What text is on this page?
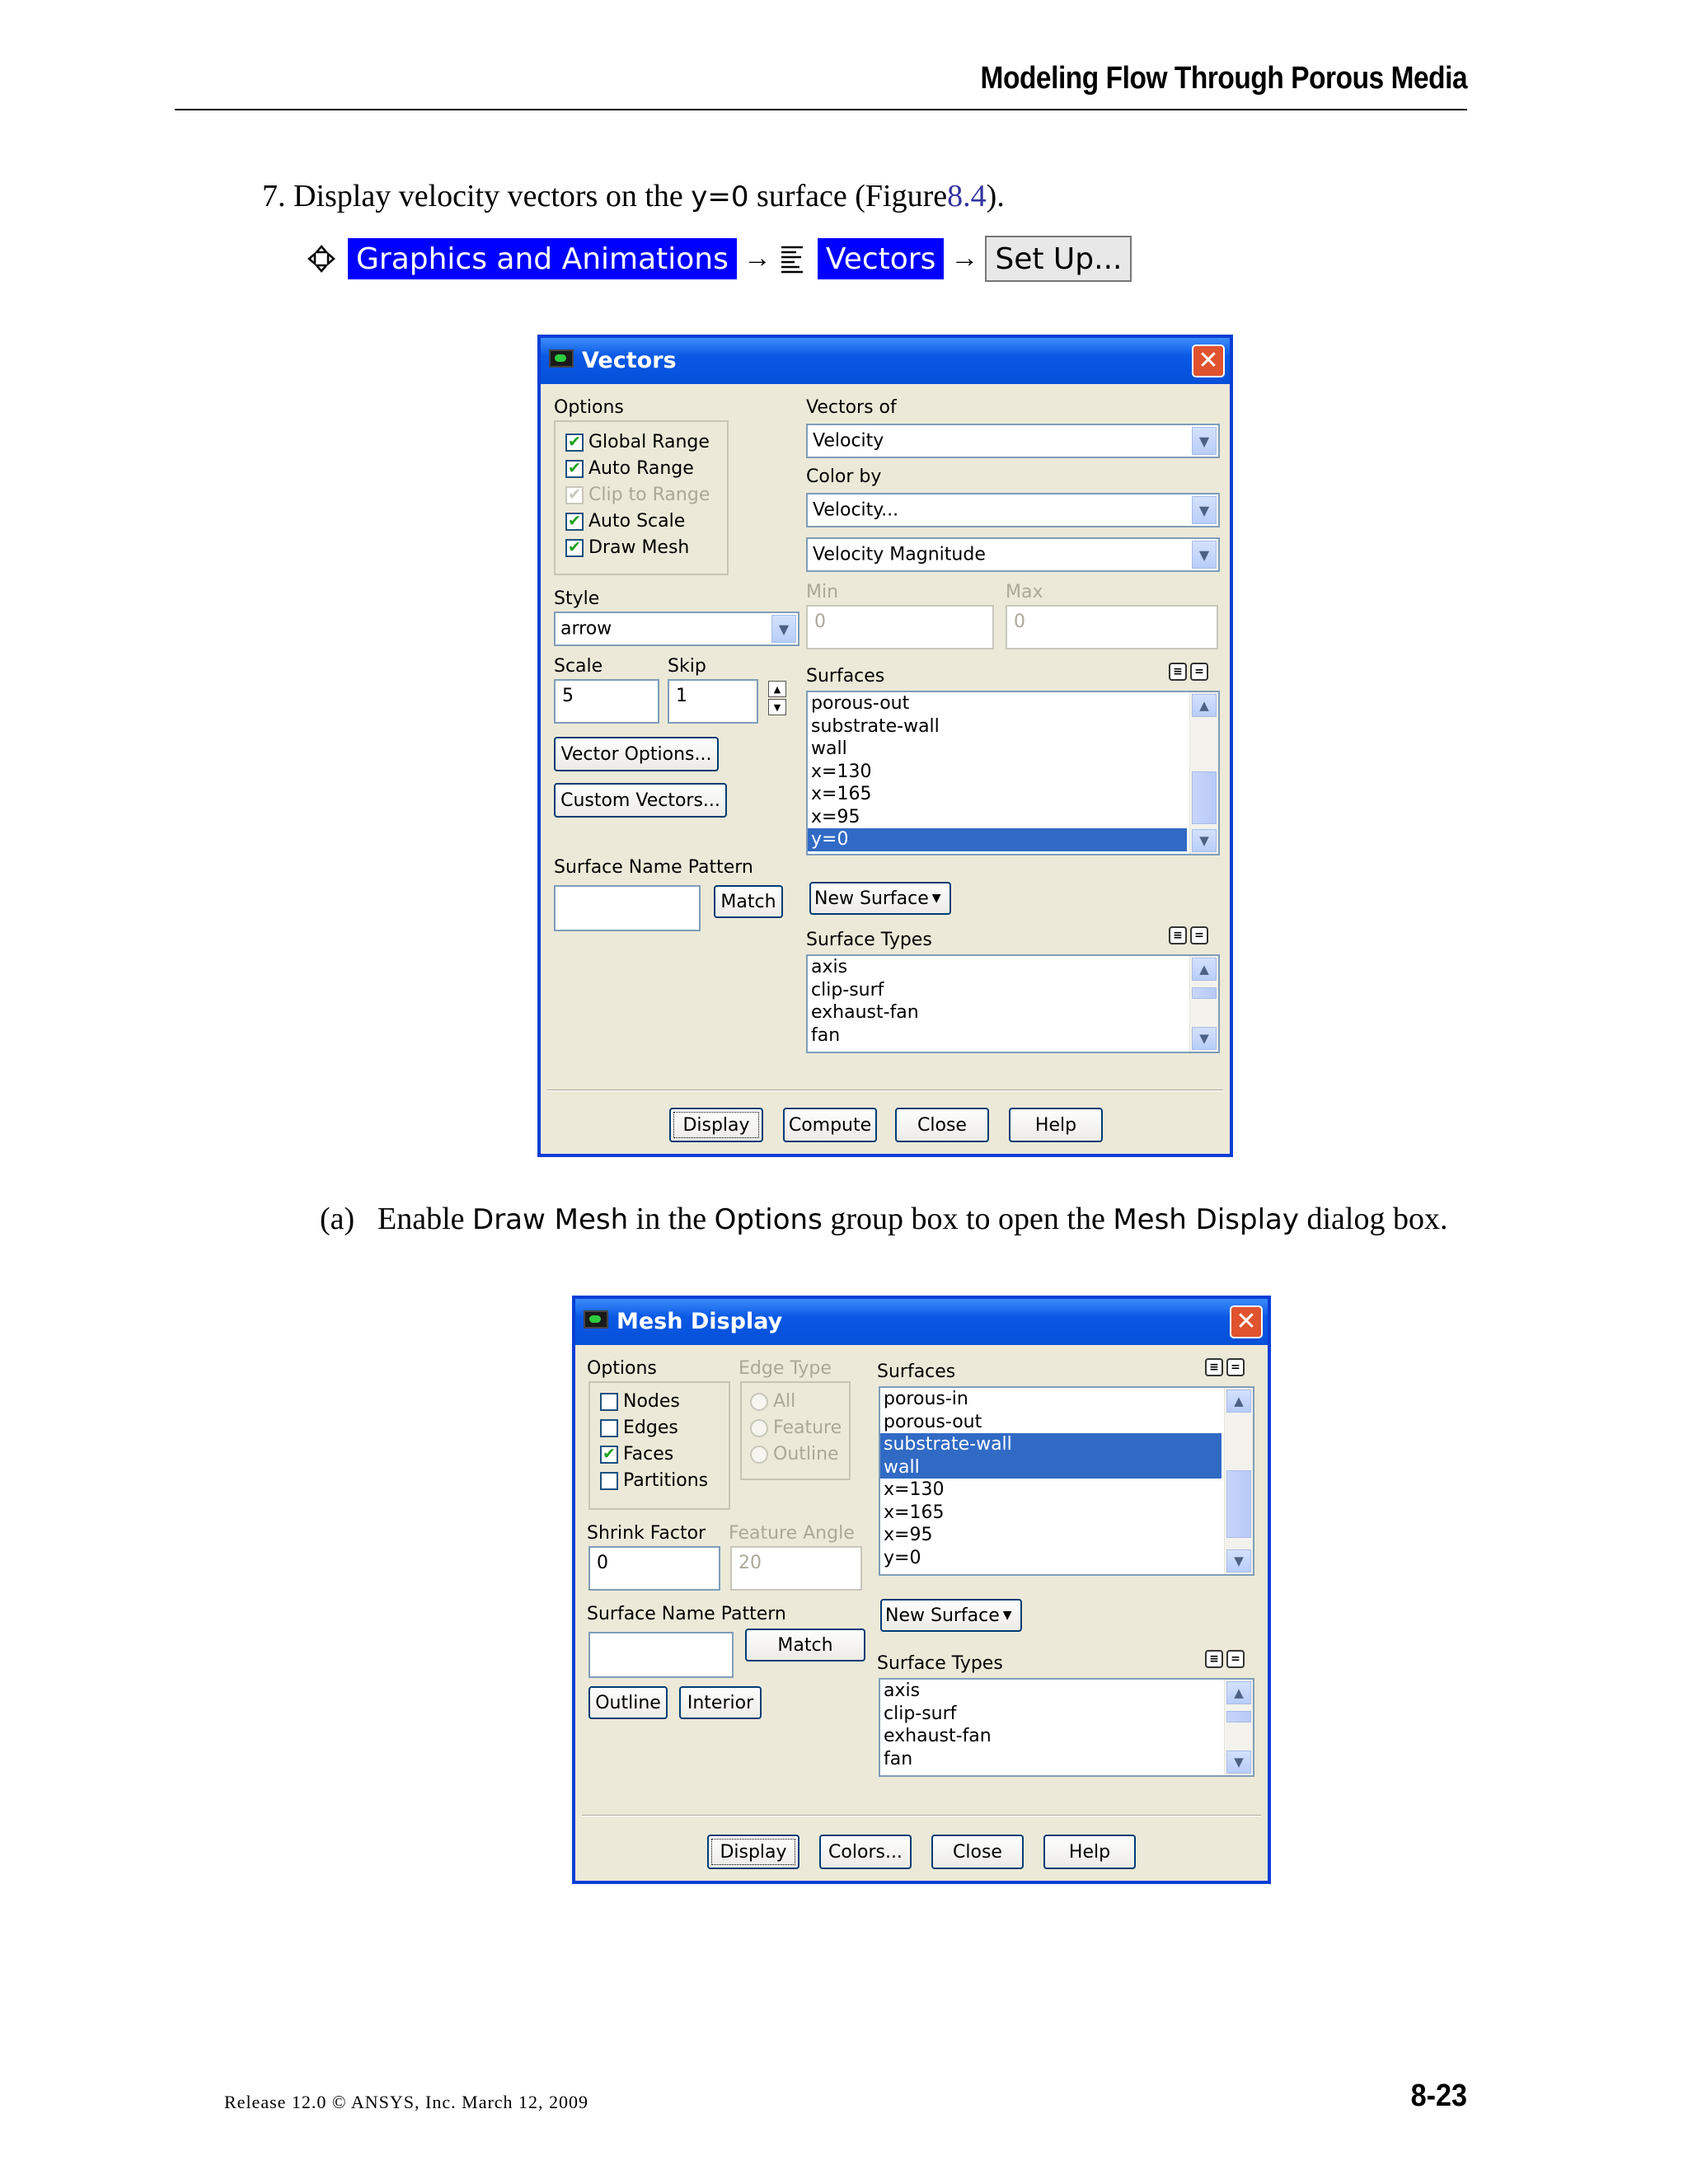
Modeling Flow Through Porous Media
7. Display velocity vectors on the y=0 surface (Figure8.4).
Graphics and Animations → Vectors → Set Up...
Vectors	✕
Options
✔ Global Range
✔ Auto Range
✔ Clip to Range
✔ Auto Scale
✔ Draw Mesh
Style
arrow	▼
Scale
5
Skip
1	▲
▼
Vector Options...
Custom Vectors...
Surface Name Pattern
Match
Vectors of
Velocity	▼
Color by
Velocity...	▼
Velocity Magnitude	▼
Min
0
Max
0
Surfaces	≡	=
porous-out
substrate-wall
wall
x=130
x=165
x=95
y=0
▲
▼
New Surface ▼
Surface Types	≡	=
axis
clip-surf
exhaust-fan
fan
▲
▼
Display	Compute	Close	Help
(a) Enable Draw Mesh in the Options group box to open the Mesh Display dialog box.
Mesh Display	✕
Options
Nodes
Edges
✔ Faces
Partitions
Edge Type
All
Feature
Outline
Shrink Factor
0
Feature Angle
20
Surface Name Pattern
Match
Outline	Interior
Surfaces	≡	=
porous-in
porous-out
substrate-wall
wall
x=130
x=165
x=95
y=0
▲
▼
New Surface ▼
Surface Types	≡	=
axis
clip-surf
exhaust-fan
fan
▲
▼
Display	Colors...	Close	Help
Release 12.0 © ANSYS, Inc. March 12, 2009	8-23
